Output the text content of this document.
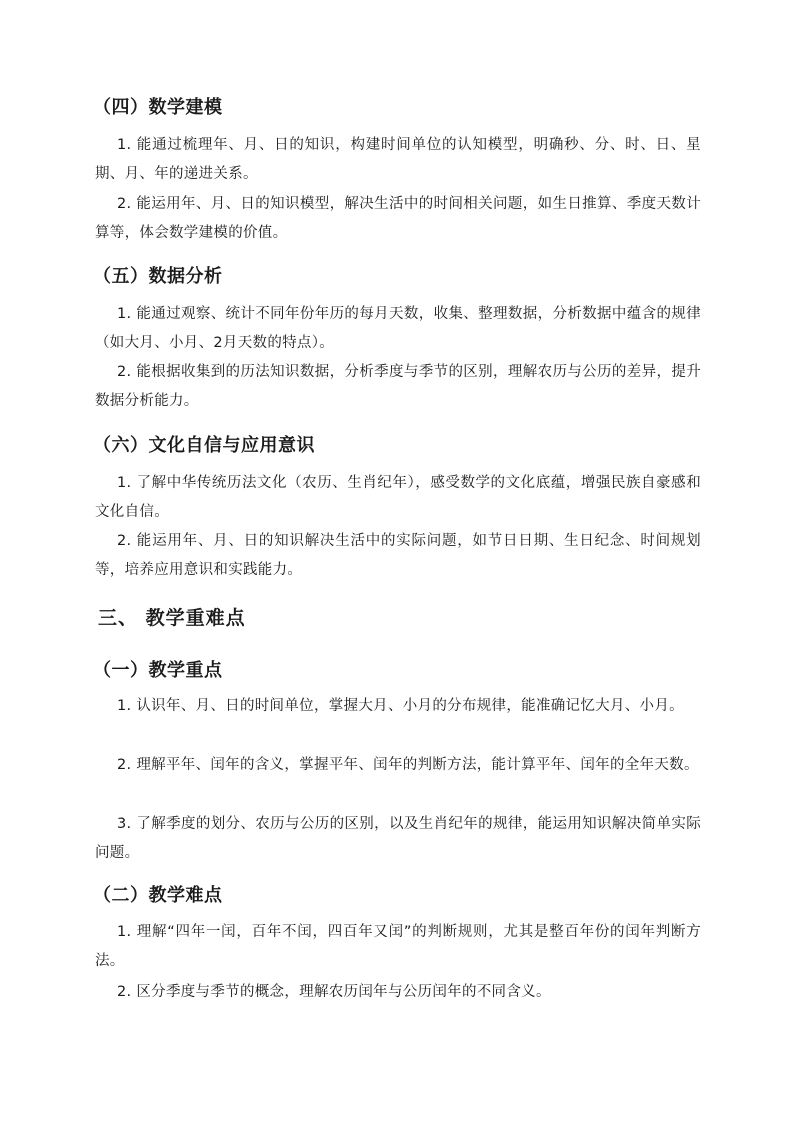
（四）数学建模

1. 能通过梳理年、月、日的知识，构建时间单位的认知模型，明确秒、分、时、日、星期、月、年的递进关系。

2. 能运用年、月、日的知识模型，解决生活中的时间相关问题，如生日推算、季度天数计算等，体会数学建模的价值。

（五）数据分析

1. 能通过观察、统计不同年份年历的每月天数，收集、整理数据，分析数据中蕴含的规律（如大月、小月、2月天数的特点）。

2. 能根据收集到的历法知识数据，分析季度与季节的区别，理解农历与公历的差异，提升数据分析能力。

（六）文化自信与应用意识

1. 了解中华传统历法文化（农历、生肖纪年），感受数学的文化底蕴，增强民族自豪感和文化自信。

2. 能运用年、月、日的知识解决生活中的实际问题，如节日日期、生日纪念、时间规划等，培养应用意识和实践能力。

三、 教学重难点
（一）教学重点

1. 认识年、月、日的时间单位，掌握大月、小月的分布规律，能准确记忆大月、小月。

2. 理解平年、闰年的含义，掌握平年、闰年的判断方法，能计算平年、闰年的全年天数。

3. 了解季度的划分、农历与公历的区别，以及生肖纪年的规律，能运用知识解决简单实际问题。

（二）教学难点

1. 理解“四年一闰，百年不闰，四百年又闰”的判断规则，尤其是整百年份的闰年判断方法。

2. 区分季度与季节的概念，理解农历闰年与公历闰年的不同含义。
